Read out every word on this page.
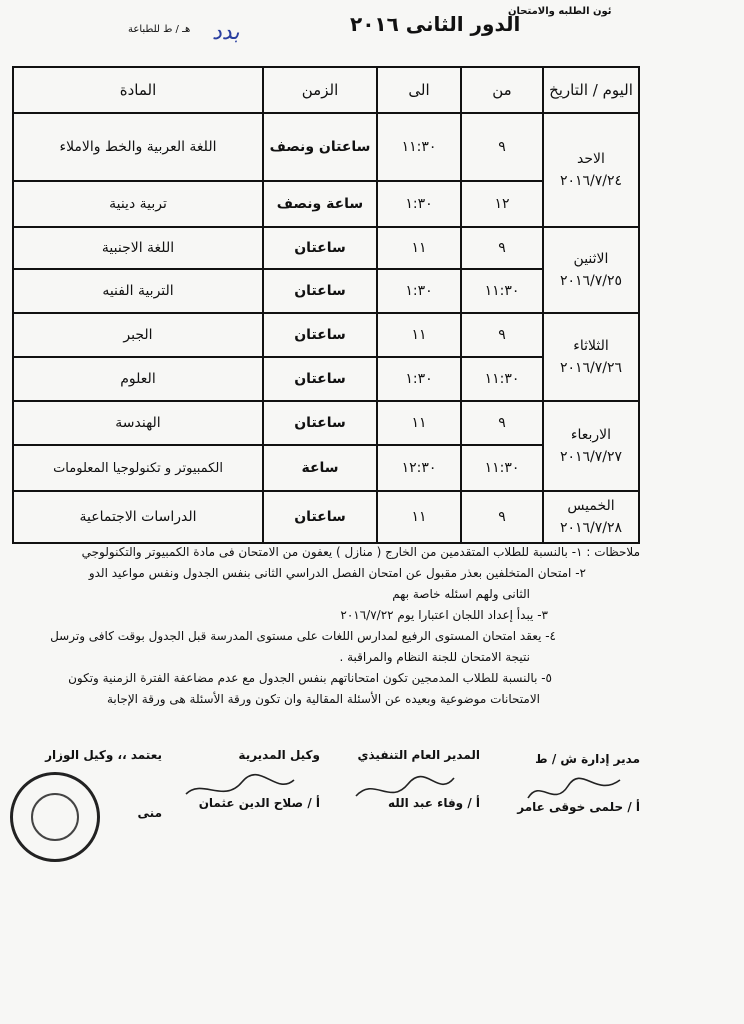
هـ / ط للطباعة بدد	الدور الثانى ٢٠١٦
ئون الطلبه والامتحان
اليوم / التاريخ	من	الى	الزمن	المادة

الاحد
٢٠١٦/٧/٢٤	٩	١١:٣٠	ساعتان ونصف	اللغة العربية والخط والاملاء
	١٢	١:٣٠	ساعة ونصف	تربية دينية

الاثنين
٢٠١٦/٧/٢٥	٩	١١	ساعتان	اللغة الاجنبية
	١١:٣٠	١:٣٠	ساعتان	التربية الفنيه

الثلاثاء
٢٠١٦/٧/٢٦	٩	١١	ساعتان	الجبر
	١١:٣٠	١:٣٠	ساعتان	العلوم

الاربعاء
٢٠١٦/٧/٢٧	٩	١١	ساعتان	الهندسة
	١١:٣٠	١٢:٣٠	ساعة	الكمبيوتر و تكنولوجيا المعلومات

الخميس
٢٠١٦/٧/٢٨	٩	١١	ساعتان	الدراسات الاجتماعية

ملاحظات : ١- بالنسبة للطلاب المتقدمين من الخارج ( منازل ) يعفون من الامتحان فى مادة الكمبيوتر والتكنولوجي

٢- امتحان المتخلفين بعذر مقبول عن امتحان الفصل الدراسي الثانى بنفس الجدول ونفس مواعيد الدو

الثانى ولهم اسئله خاصة بهم

٣- يبدأ إعداد اللجان اعتبارا يوم ٢٠١٦/٧/٢٢

٤- يعقد امتحان المستوى الرفيع لمدارس اللغات على مستوى المدرسة قبل الجدول بوقت كافى وترسل

نتيجة الامتحان للجنة النظام والمراقبة .

٥- بالنسبة للطلاب المدمجين تكون امتحاناتهم بنفس الجدول مع عدم مضاعفة الفترة الزمنية وتكون

الامتحانات موضوعية وبعيده عن الأسئلة المقالية وان تكون ورقة الأسئلة هى ورقة الإجابة

مدير إدارة ش / ط
أ / حلمى خوقى عامر
المدير العام التنفيذي
أ / وفاء عبد الله
وكيل المديرية
أ / صلاح الدين عثمان
يعتمد ،، وكيل الوزار
منى
